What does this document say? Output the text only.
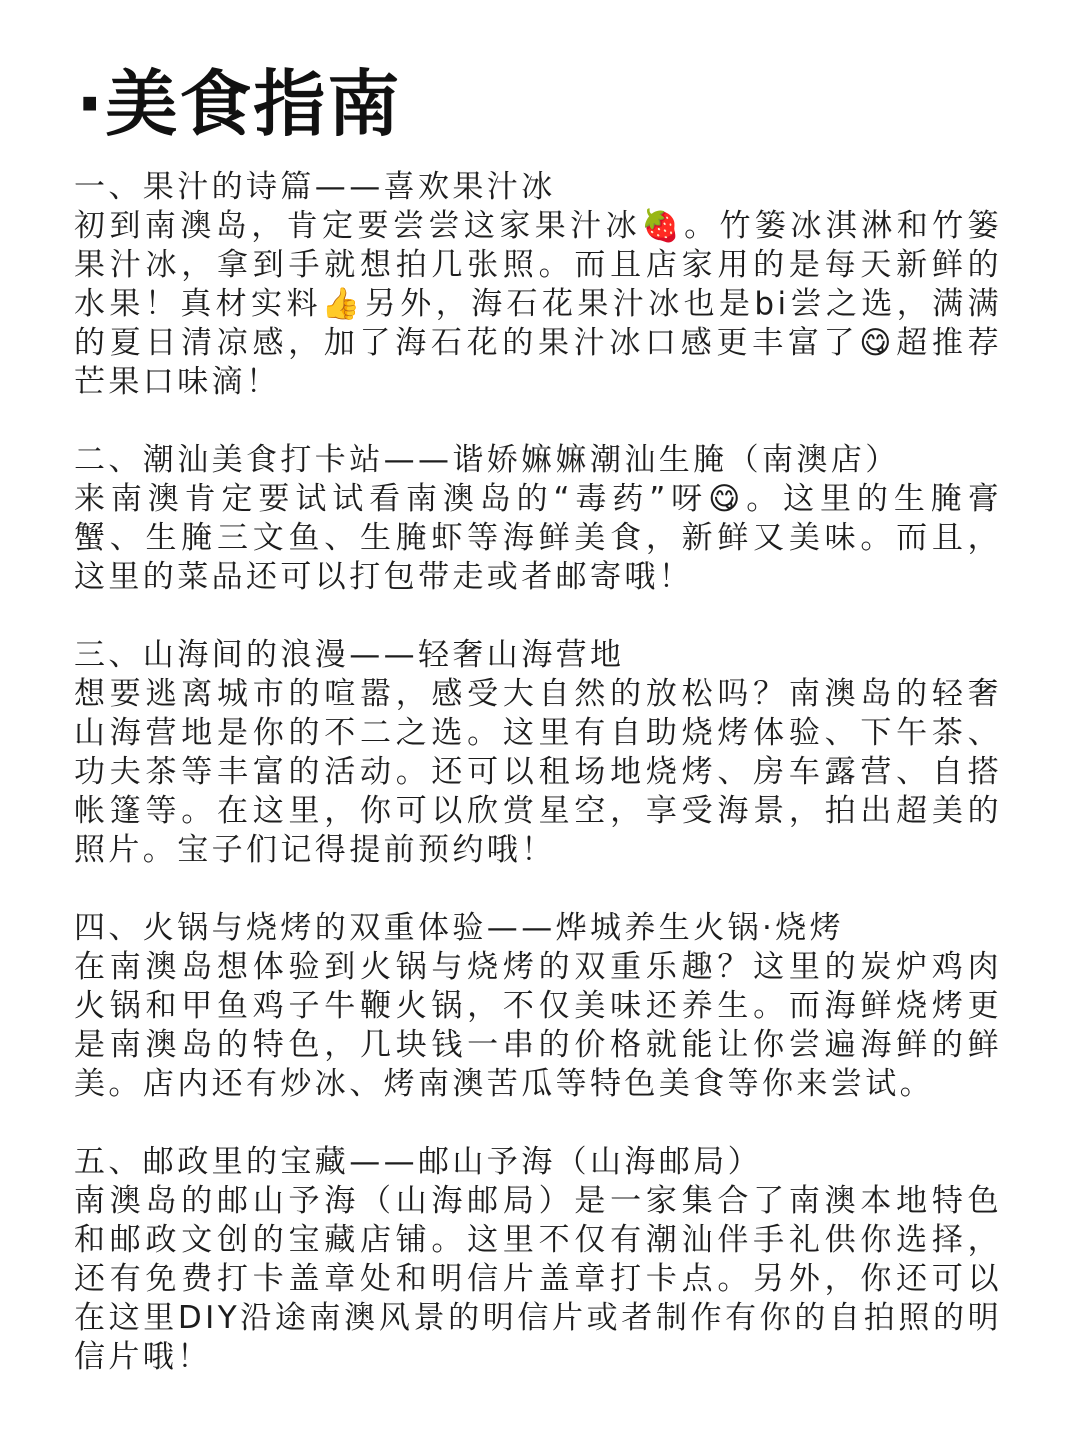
·美食指南
一、果汁的诗篇——喜欢果汁冰
初到南澳岛，肯定要尝尝这家果汁冰🍓。竹篓冰淇淋和竹篓果汁冰，拿到手就想拍几张照。而且店家用的是每天新鲜的水果！真材实料👍另外，海石花果汁冰也是bi尝之选，满满的夏日清凉感，加了海石花的果汁冰口感更丰富了😋超推荐芒果口味滴！
二、潮汕美食打卡站——谐娇嫲嫲潮汕生腌（南澳店）
来南澳肯定要试试看南澳岛的“毒药”呀😋。这里的生腌膏蟹、生腌三文鱼、生腌虾等海鲜美食，新鲜又美味。而且，这里的菜品还可以打包带走或者邮寄哦！
三、山海间的浪漫——轻奢山海营地
想要逃离城市的喧嚣，感受大自然的放松吗？南澳岛的轻奢山海营地是你的不二之选。这里有自助烧烤体验、下午茶、功夫茶等丰富的活动。还可以租场地烧烤、房车露营、自搭帐篷等。在这里，你可以欣赏星空，享受海景，拍出超美的照片。宝子们记得提前预约哦！
四、火锅与烧烤的双重体验——烨城养生火锅·烧烤
在南澳岛想体验到火锅与烧烤的双重乐趣？这里的炭炉鸡肉火锅和甲鱼鸡子牛鞭火锅，不仅美味还养生。而海鲜烧烤更是南澳岛的特色，几块钱一串的价格就能让你尝遍海鲜的鲜美。店内还有炒冰、烤南澳苦瓜等特色美食等你来尝试。
五、邮政里的宝藏——邮山予海（山海邮局）
南澳岛的邮山予海（山海邮局）是一家集合了南澳本地特色和邮政文创的宝藏店铺。这里不仅有潮汕伴手礼供你选择，还有免费打卡盖章处和明信片盖章打卡点。另外，你还可以在这里DIY沿途南澳风景的明信片或者制作有你的自拍照的明信片哦！
